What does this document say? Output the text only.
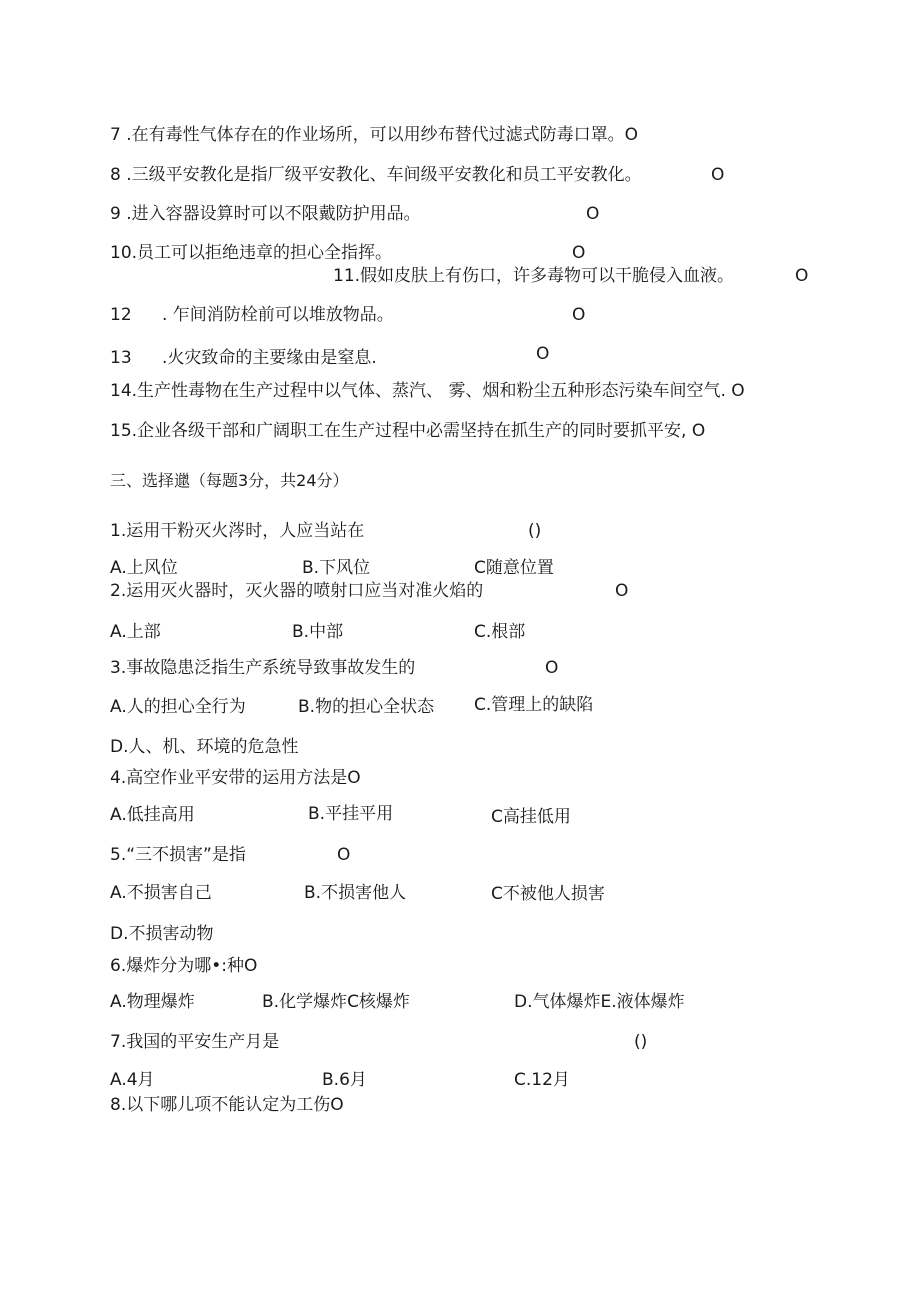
7 .在有毒性气体存在的作业场所，可以用纱布替代过滤式防毒口罩。O
8 .三级平安教化是指厂级平安教化、车间级平安教化和员工平安教化。	O
9 .进入容器设算时可以不限戴防护用品。	O
10.员工可以拒绝违章的担心全指挥。	O
11.假如皮肤上有伤口，许多毒物可以干脆侵入血液。	O
12 . 乍间消防栓前可以堆放物品。	O
13 .火灾致命的主要缘由是窒息.	O
14.生产性毒物在生产过程中以气体、蒸汽、 雾、烟和粉尘五种形态污染车间空气. O
15.企业各级干部和广阔职工在生产过程中必需坚持在抓生产的同时要抓平安, O
三、选择邋（每题3分，共24分）
1.运用干粉灭火涔时，人应当站在	()
A.上风位	B.下风位	C随意位置
2.运用灭火器时，灭火器的喷射口应当对准火焰的	O
A.上部	B.中部	C.根部
3.事故隐患泛指生产系统导致事故发生的	O
A.人的担心全行为	B.物的担心全状态 C.管理上的缺陷
D.人、机、环境的危急性
4.高空作业平安带的运用方法是O
A.低挂高用	B.平挂平用	C高挂低用
5.“三不损害”是指	O
A.不损害自己	B.不损害他人	C不被他人损害
D.不损害动物
6.爆炸分为哪•:种O
A.物理爆炸	B.化学爆炸C核爆炸	D.气体爆炸E.液体爆炸
7.我国的平安生产月是	()
A.4月	B.6月	C.12月
8.以下哪儿项不能认定为工伤O
